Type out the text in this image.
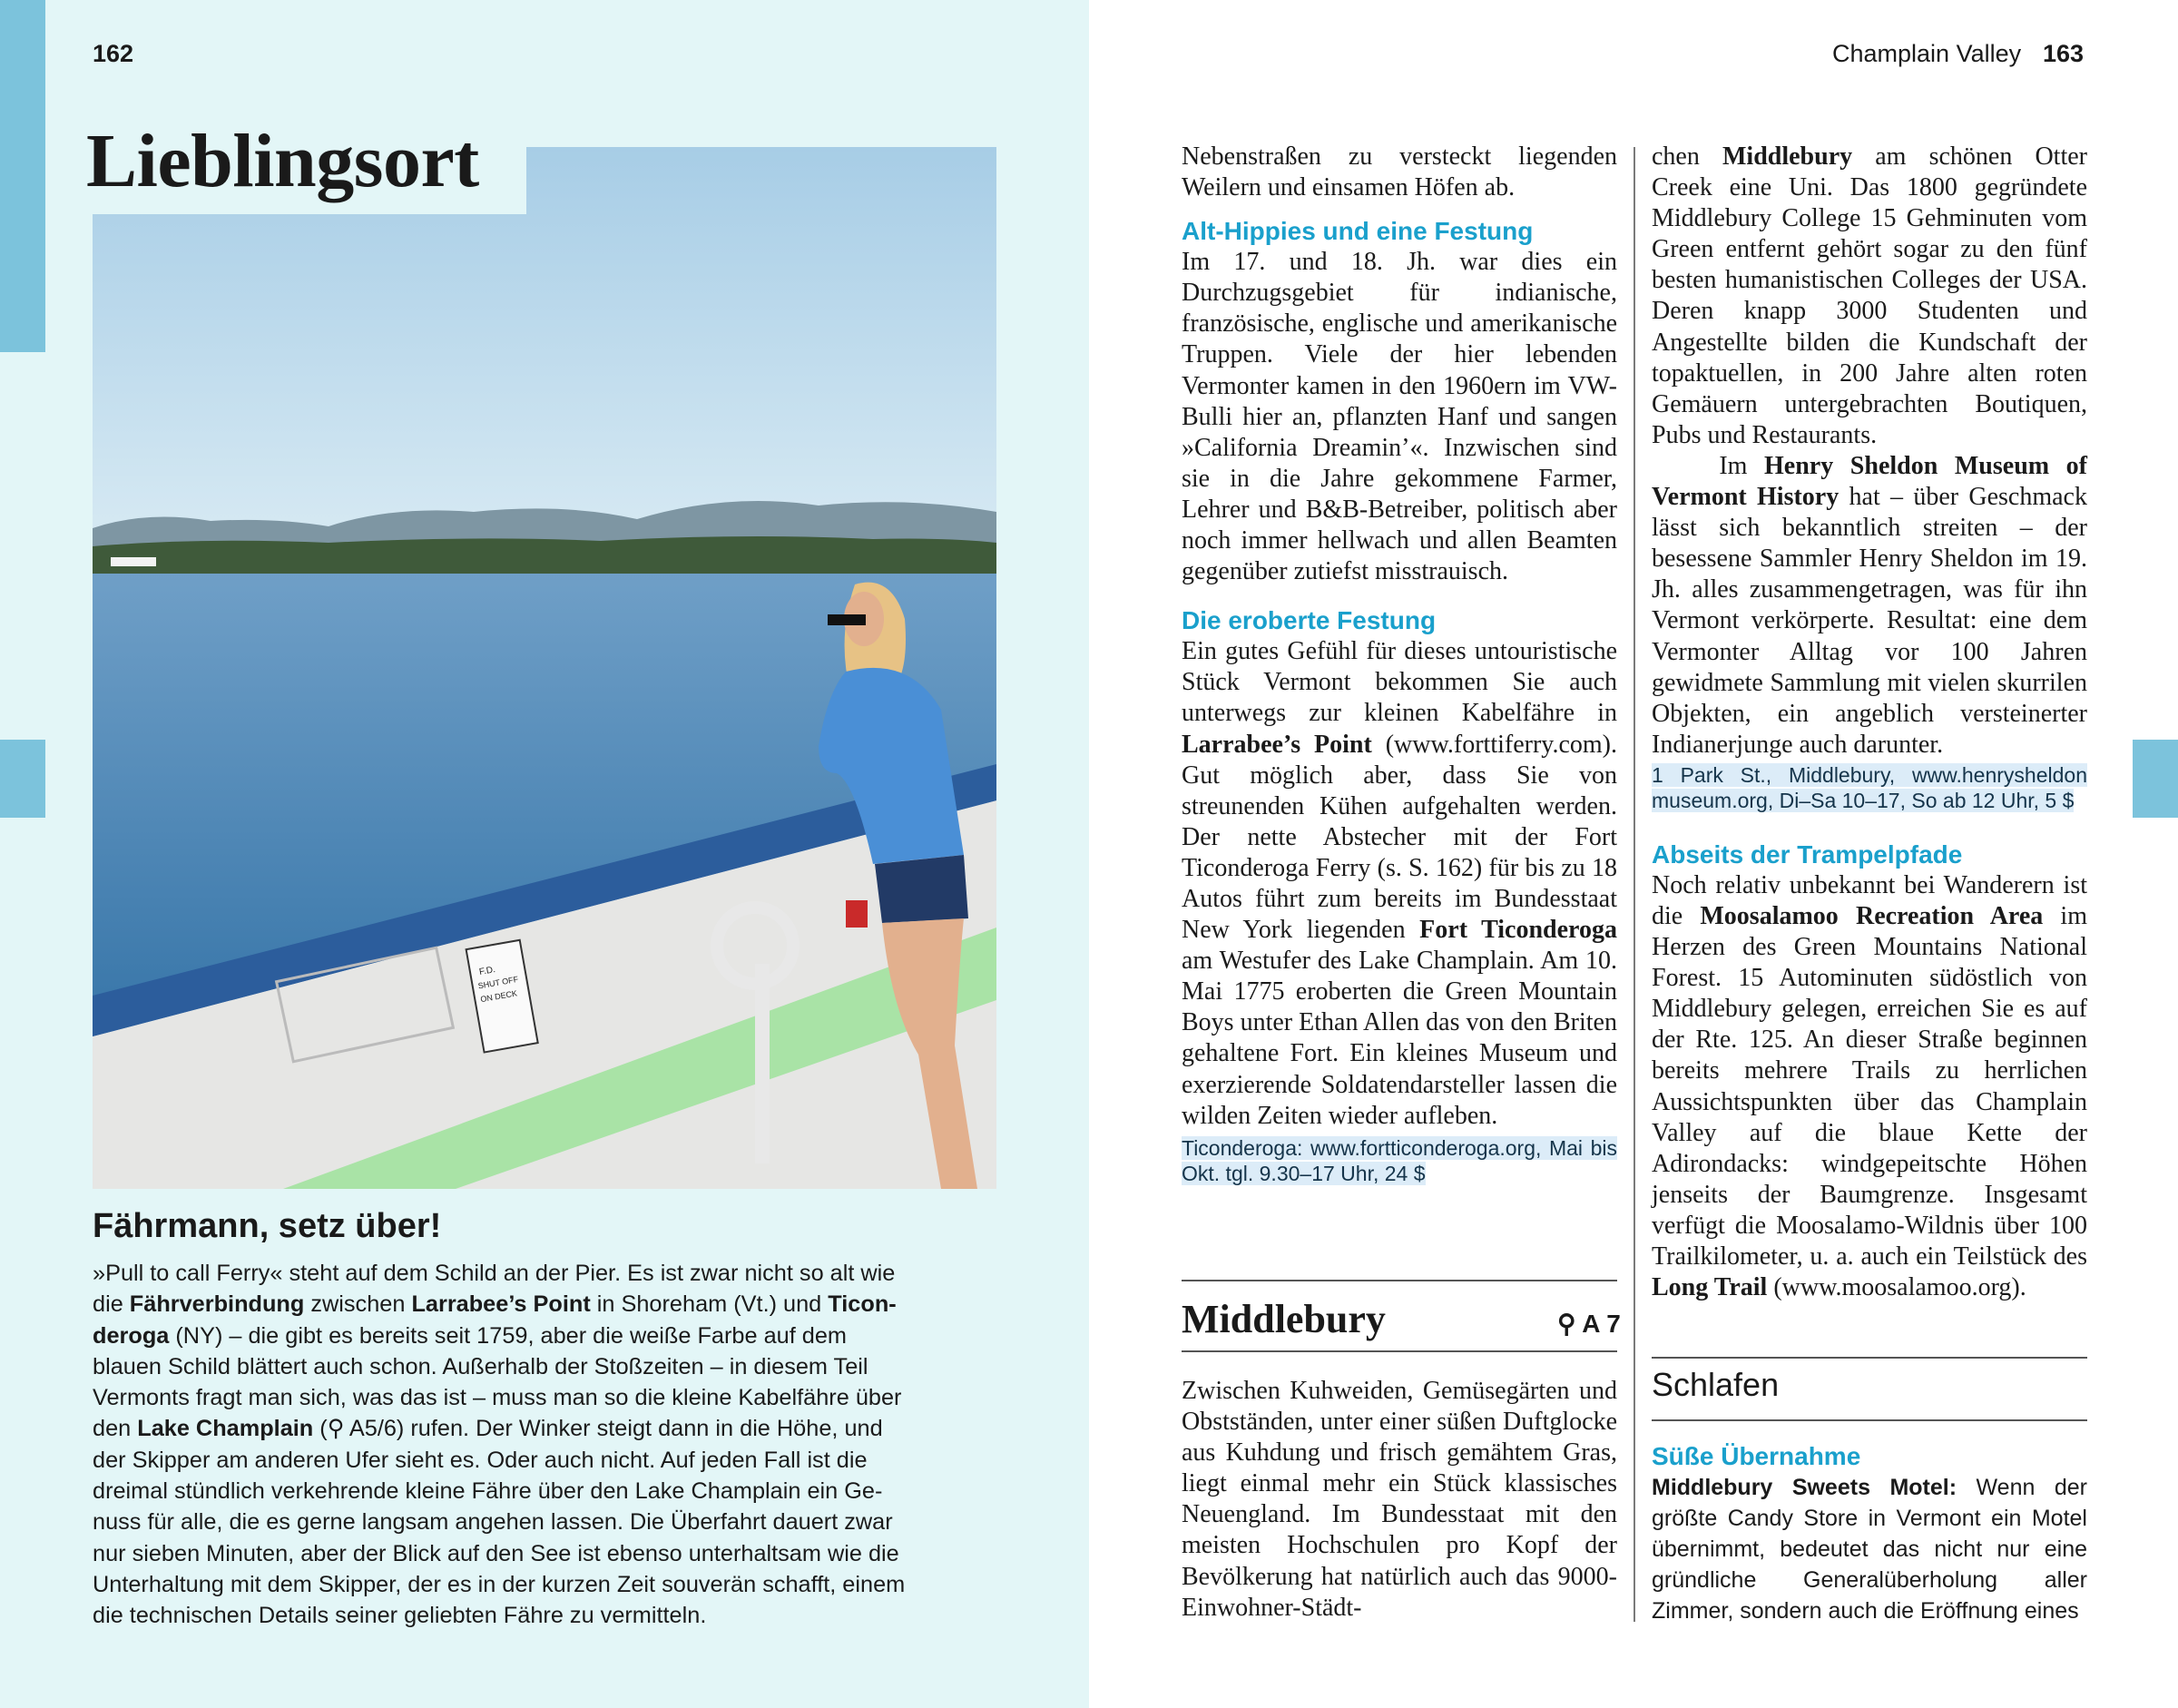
162
F.D.
SHUT OFF
ON DECK
Lieblingsort
Fährmann, setz über!
»Pull to call Ferry« steht auf dem Schild an der Pier. Es ist zwar nicht so alt wie
die Fährverbindung zwischen Larrabee’s Point in Shoreham (Vt.) und Ticon-
deroga (NY) – die gibt es bereits seit 1759, aber die weiße Farbe auf dem
blauen Schild blättert auch schon. Außerhalb der Stoßzeiten – in diesem Teil
Vermonts fragt man sich, was das ist – muss man so die kleine Kabelfähre über
den Lake Champlain (⚲ A5/6) rufen. Der Winker steigt dann in die Höhe, und
der Skipper am anderen Ufer sieht es. Oder auch nicht. Auf jeden Fall ist die
dreimal stündlich verkehrende kleine Fähre über den Lake Champlain ein Ge-
nuss für alle, die es gerne langsam angehen lassen. Die Überfahrt dauert zwar
nur sieben Minuten, aber der Blick auf den See ist ebenso unterhaltsam wie die
Unterhaltung mit dem Skipper, der es in der kurzen Zeit souverän schafft, einem
die technischen Details seiner geliebten Fähre zu vermitteln.
Champlain Valley 163

Nebenstraßen zu versteckt liegenden Weilern und einsamen Höfen ab.

Alt-Hippies und eine Festung

Im 17. und 18. Jh. war dies ein Durchzugsgebiet für indianische, französische, englische und amerikanische Truppen. Viele der hier lebenden Vermonter kamen in den 1960ern im VW-Bulli hier an, pflanzten Hanf und sangen »California Dreamin’«. Inzwischen sind sie in die Jahre gekommene Farmer, Lehrer und B&B-Betreiber, politisch aber noch immer hellwach und allen Beamten gegenüber zutiefst misstrauisch.

Die eroberte Festung

Ein gutes Gefühl für dieses untouristische Stück Vermont bekommen Sie auch unterwegs zur kleinen Kabelfähre in Larrabee’s Point (www.forttiferry.com). Gut möglich aber, dass Sie von streunenden Kühen aufgehalten werden. Der nette Abstecher mit der Fort Ticonderoga Ferry (s. S. 162) für bis zu 18 Autos führt zum bereits im Bundesstaat New York liegenden Fort Ticonderoga am Westufer des Lake Champlain. Am 10. Mai 1775 eroberten die Green Mountain Boys unter Ethan Allen das von den Briten gehaltene Fort. Ein kleines Museum und exerzierende Soldatendarsteller lassen die wilden Zeiten wieder aufleben.

Ticonderoga: www.fortticonderoga.org, Mai bis Okt. tgl. 9.30–17 Uhr, 24 $
Middlebury	⚲ A 7
Zwischen Kuhweiden, Gemüsegärten und Obstständen, unter einer süßen Duftglocke aus Kuhdung und frisch gemähtem Gras, liegt einmal mehr ein Stück klassisches Neuengland. Im Bundesstaat mit den meisten Hochschulen pro Kopf der Bevölkerung hat natürlich auch das 9000-Einwohner-Städt-

chen Middlebury am schönen Otter Creek eine Uni. Das 1800 gegründete Middlebury College 15 Gehminuten vom Green entfernt gehört sogar zu den fünf besten humanistischen Colleges der USA. Deren knapp 3000 Studenten und Angestellte bilden die Kundschaft der topaktuellen, in 200 Jahre alten roten Gemäuern untergebrachten Boutiquen, Pubs und Restaurants.

Im Henry Sheldon Museum of Vermont History hat – über Geschmack lässt sich bekanntlich streiten – der besessene Sammler Henry Sheldon im 19. Jh. alles zusammengetragen, was für ihn Vermont verkörperte. Resultat: eine dem Vermonter Alltag vor 100 Jahren gewidmete Sammlung mit vielen skurrilen Objekten, ein angeblich versteinerter Indianerjunge auch darunter.

1 Park St., Middlebury, www.henrysheldon museum.org, Di–Sa 10–17, So ab 12 Uhr, 5 $
Abseits der Trampelpfade

Noch relativ unbekannt bei Wanderern ist die Moosalamoo Recreation Area im Herzen des Green Mountains National Forest. 15 Autominuten südöstlich von Middlebury gelegen, erreichen Sie es auf der Rte. 125. An dieser Straße beginnen bereits mehrere Trails zu herrlichen Aussichtspunkten über das Champlain Valley auf die blaue Kette der Adirondacks: windgepeitschte Höhen jenseits der Baumgrenze. Insgesamt verfügt die Moosalamo-Wildnis über 100 Trailkilometer, u. a. auch ein Teilstück des Long Trail (www.moosalamoo.org).

Schlafen
Süße Übernahme
Middlebury Sweets Motel: Wenn der größte Candy Store in Vermont ein Motel übernimmt, bedeutet das nicht nur eine gründliche Generalüberholung aller Zimmer, sondern auch die Eröffnung eines
